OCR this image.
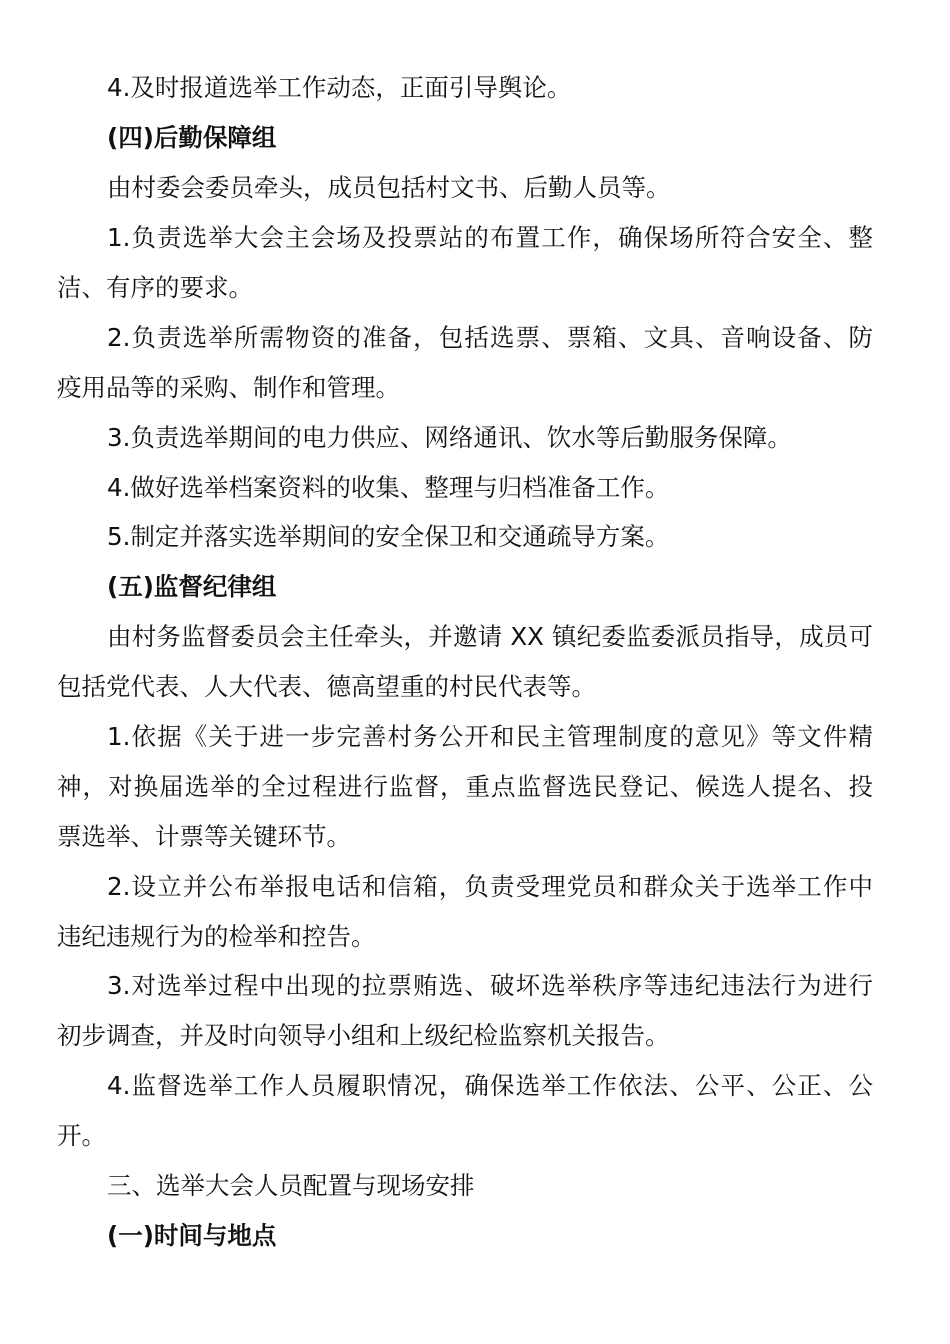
4.及时报道选举工作动态，正面引导舆论。
(四)后勤保障组
由村委会委员牵头，成员包括村文书、后勤人员等。
1.负责选举大会主会场及投票站的布置工作，确保场所符合安全、整
洁、有序的要求。
2.负责选举所需物资的准备，包括选票、票箱、文具、音响设备、防
疫用品等的采购、制作和管理。
3.负责选举期间的电力供应、网络通讯、饮水等后勤服务保障。
4.做好选举档案资料的收集、整理与归档准备工作。
5.制定并落实选举期间的安全保卫和交通疏导方案。
(五)监督纪律组
由村务监督委员会主任牵头，并邀请 XX 镇纪委监委派员指导，成员可
包括党代表、人大代表、德高望重的村民代表等。
1.依据《关于进一步完善村务公开和民主管理制度的意见》等文件精
神，对换届选举的全过程进行监督，重点监督选民登记、候选人提名、投
票选举、计票等关键环节。
2.设立并公布举报电话和信箱，负责受理党员和群众关于选举工作中
违纪违规行为的检举和控告。
3.对选举过程中出现的拉票贿选、破坏选举秩序等违纪违法行为进行
初步调查，并及时向领导小组和上级纪检监察机关报告。
4.监督选举工作人员履职情况，确保选举工作依法、公平、公正、公
开。
三、选举大会人员配置与现场安排
(一)时间与地点
